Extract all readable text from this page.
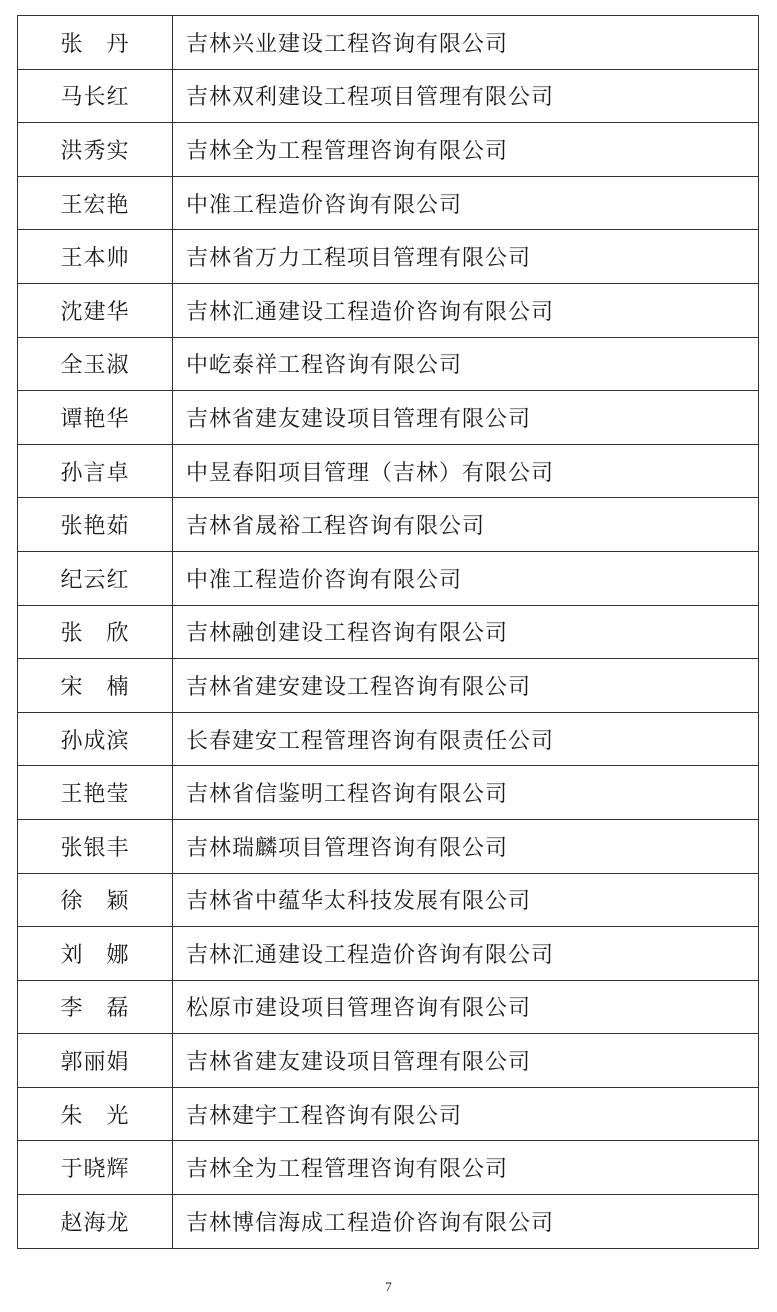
张　丹	吉林兴业建设工程咨询有限公司
马长红	吉林双利建设工程项目管理有限公司
洪秀实	吉林全为工程管理咨询有限公司
王宏艳	中准工程造价咨询有限公司
王本帅	吉林省万力工程项目管理有限公司
沈建华	吉林汇通建设工程造价咨询有限公司
全玉淑	中屹泰祥工程咨询有限公司
谭艳华	吉林省建友建设项目管理有限公司
孙言卓	中昱春阳项目管理（吉林）有限公司
张艳茹	吉林省晟裕工程咨询有限公司
纪云红	中准工程造价咨询有限公司
张　欣	吉林融创建设工程咨询有限公司
宋　楠	吉林省建安建设工程咨询有限公司
孙成滨	长春建安工程管理咨询有限责任公司
王艳莹	吉林省信鉴明工程咨询有限公司
张银丰	吉林瑞麟项目管理咨询有限公司
徐　颖	吉林省中蕴华太科技发展有限公司
刘　娜	吉林汇通建设工程造价咨询有限公司
李　磊	松原市建设项目管理咨询有限公司
郭丽娟	吉林省建友建设项目管理有限公司
朱　光	吉林建宇工程咨询有限公司
于晓辉	吉林全为工程管理咨询有限公司
赵海龙	吉林博信海成工程造价咨询有限公司
7
